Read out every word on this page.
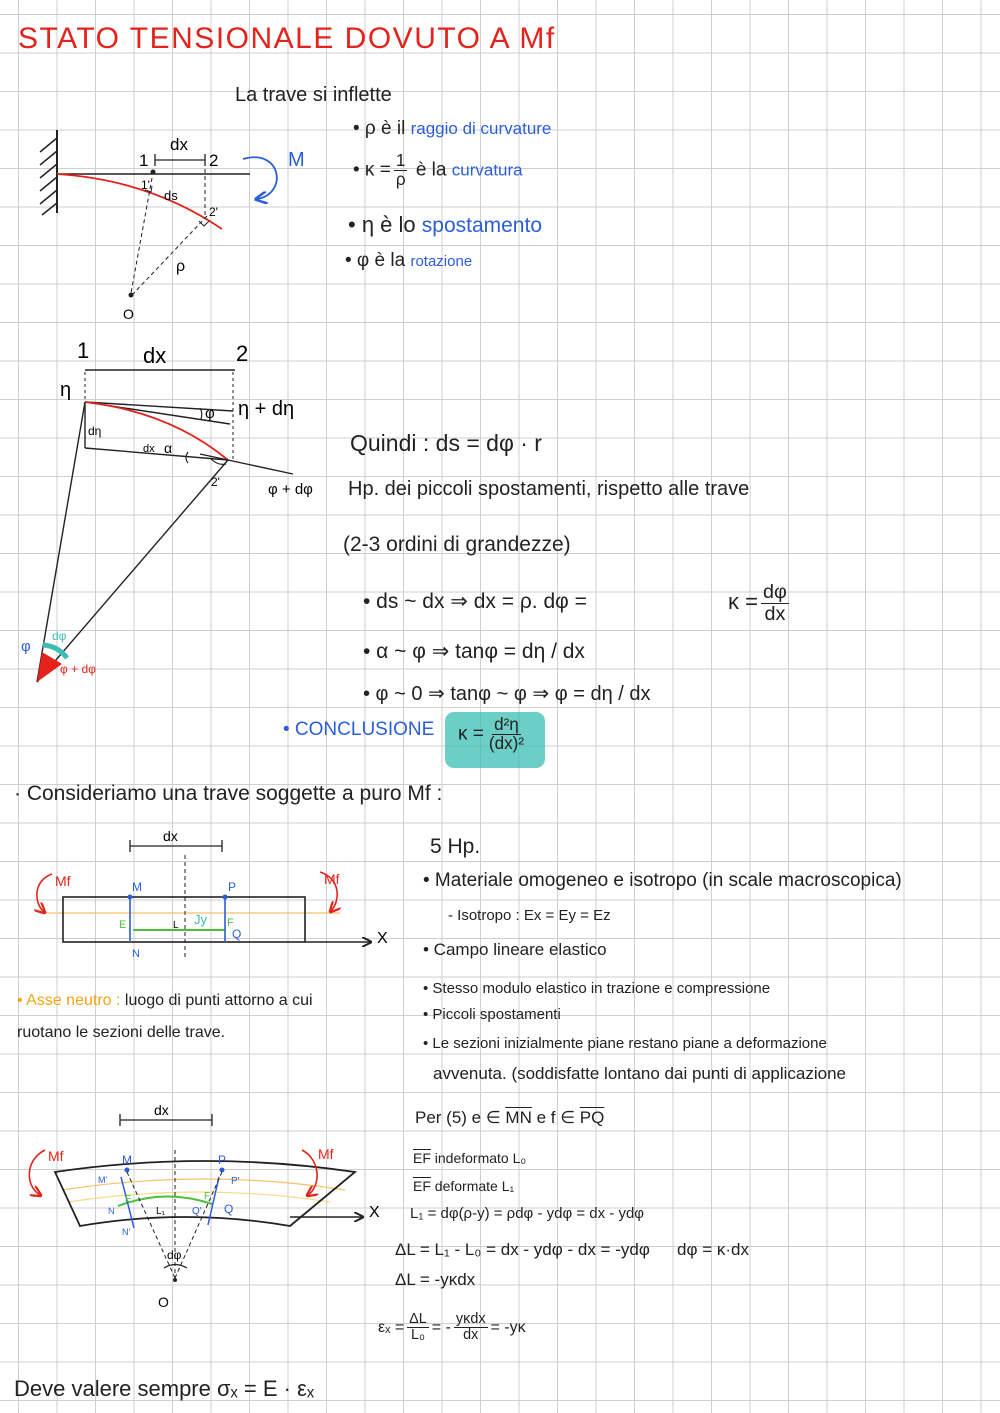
dx
1	2
1'
ds
2'
ρ
O
M
1 dx	2
η
η + dη
dη
dx α
φ
2'	φ + dφ
φ
dφ
φ + dφ
dx
X
M	P
E	L Jy F
Q
N
Mf	Mf
dx
X
M	P
M'	P'
E
N	L₁
F
Q' Q
N'
dφ
O
Mf	Mf
STATO TENSIONALE DOVUTO A Mf
La trave si inflette
• ρ è il raggio di curvature
• $\kappa = \frac{1}{\rho}$ è la curvatura
• η è lo spostamento
• φ è la rotazione
Quindi : ds = dφ · r
Hp. dei piccoli spostamenti, rispetto alle trave
(2-3 ordini di grandezze)
• ds ~ dx ⇒ dx = ρ. dφ =	$\kappa = \frac{d\varphi}{dx}$
• α ~ φ ⇒ tanφ = dη / dx
• φ ~ 0 ⇒ tanφ ~ φ ⇒ φ = dη / dx
• CONCLUSIONE $\kappa = \frac{\text{d²η}}{\text{(dx)²}}$
· Consideriamo una trave soggette a puro Mf :
5 Hp.
• Materiale omogeneo e isotropo (in scale macroscopica)
- Isotropo : Ex = Ey = Ez
• Campo lineare elastico
• Stesso modulo elastico in trazione e compressione
• Piccoli spostamenti
• Le sezioni inizialmente piane restano piane a deformazione
avvenuta. (soddisfatte lontano dai punti di applicazione
• Asse neutro : luogo di punti attorno a cui
ruotano le sezioni delle trave.
Per (5) e ∈ $\overline{MN}$ e f ∈ $\overline{PQ}$
$\overline{EF}$ indeformato L₀
$\overline{EF}$ deformate L₁
L₁ = dφ(ρ-y) = ρdφ - ydφ = dx - ydφ
ΔL = L₁ - L₀ = dx - ydφ - dx = -ydφ dφ = κ·dx
ΔL = -yκdx
$\varepsilon_x = \frac{\Delta L}{\text{L₀}}$ = - $\frac{\text{yκdx}}{dx} = -y\kappa$
Deve valere sempre σₓ = E · εₓ
